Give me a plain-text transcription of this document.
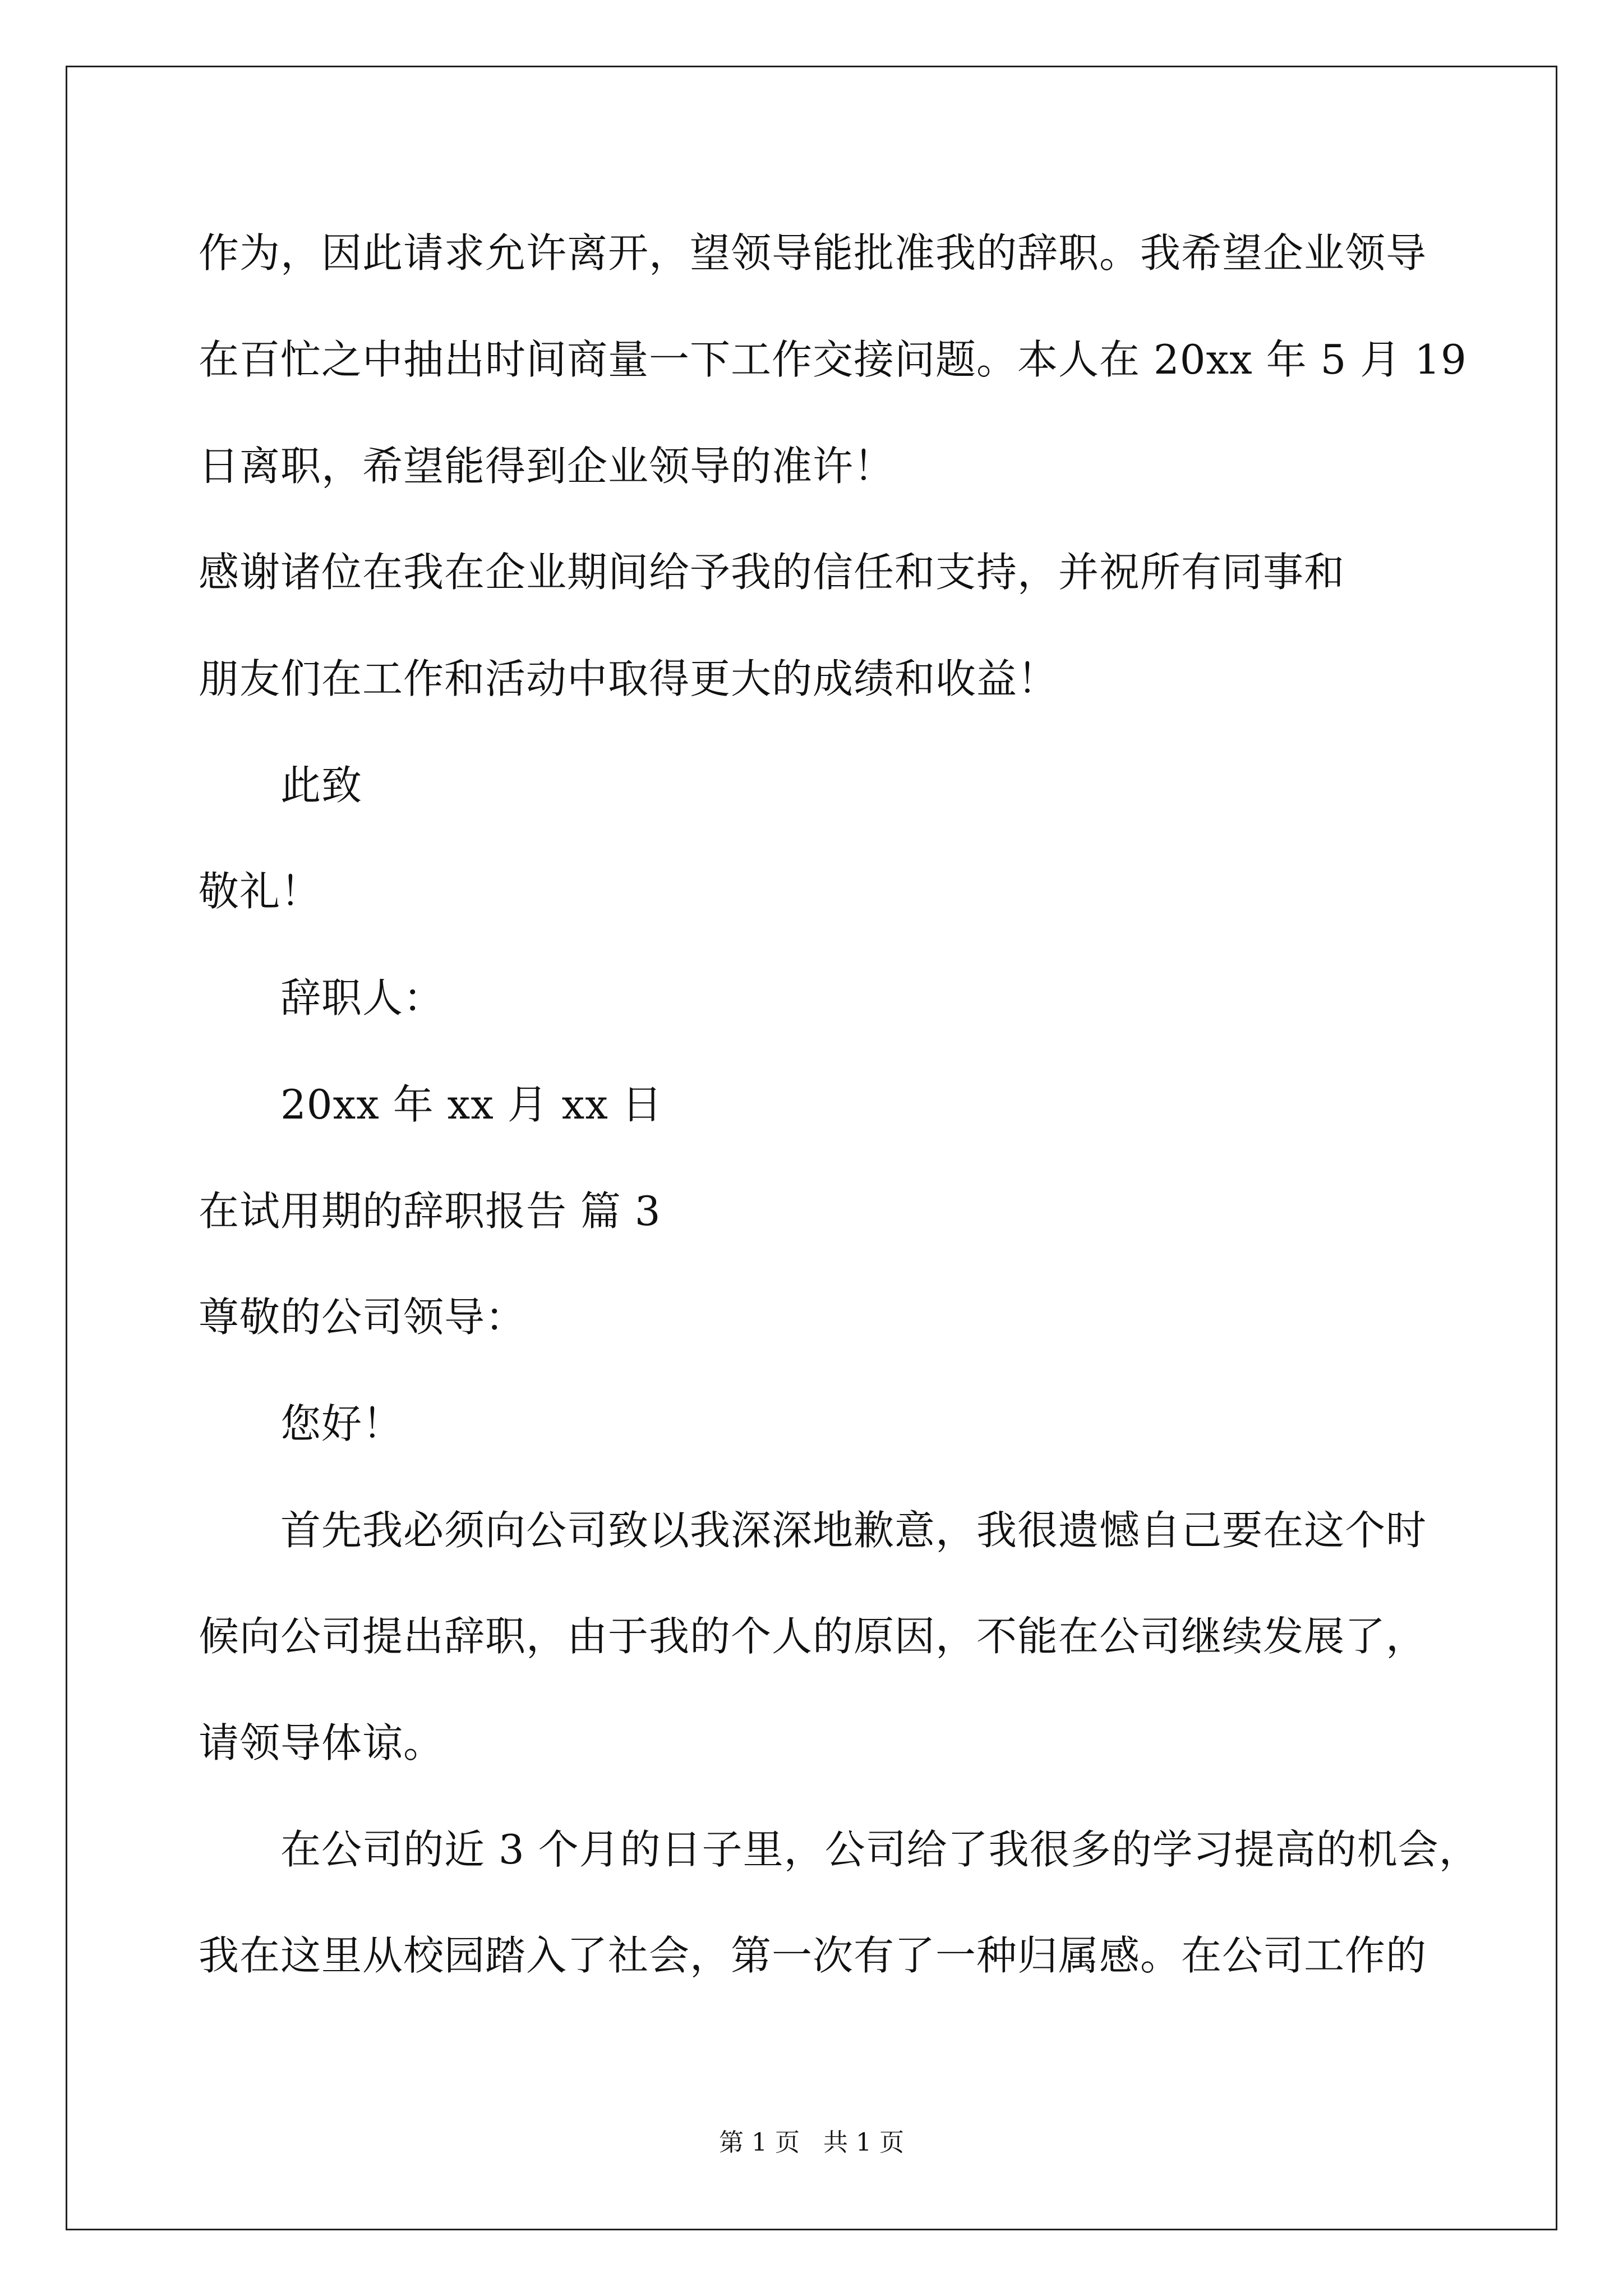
作为，因此请求允许离开，望领导能批准我的辞职。我希望企业领导
在百忙之中抽出时间商量一下工作交接问题。本人在 20xx 年 5 月 19
日离职，希望能得到企业领导的准许！
感谢诸位在我在企业期间给予我的信任和支持，并祝所有同事和
朋友们在工作和活动中取得更大的成绩和收益！
此致
敬礼！
辞职人：
20xx 年 xx 月 xx 日
在试用期的辞职报告 篇 3
尊敬的公司领导：
您好！
首先我必须向公司致以我深深地歉意，我很遗憾自己要在这个时
候向公司提出辞职，由于我的个人的原因，不能在公司继续发展了，
请领导体谅。
在公司的近 3 个月的日子里，公司给了我很多的学习提高的机会，
我在这里从校园踏入了社会，第一次有了一种归属感。在公司工作的
第 1 页   共 1 页
